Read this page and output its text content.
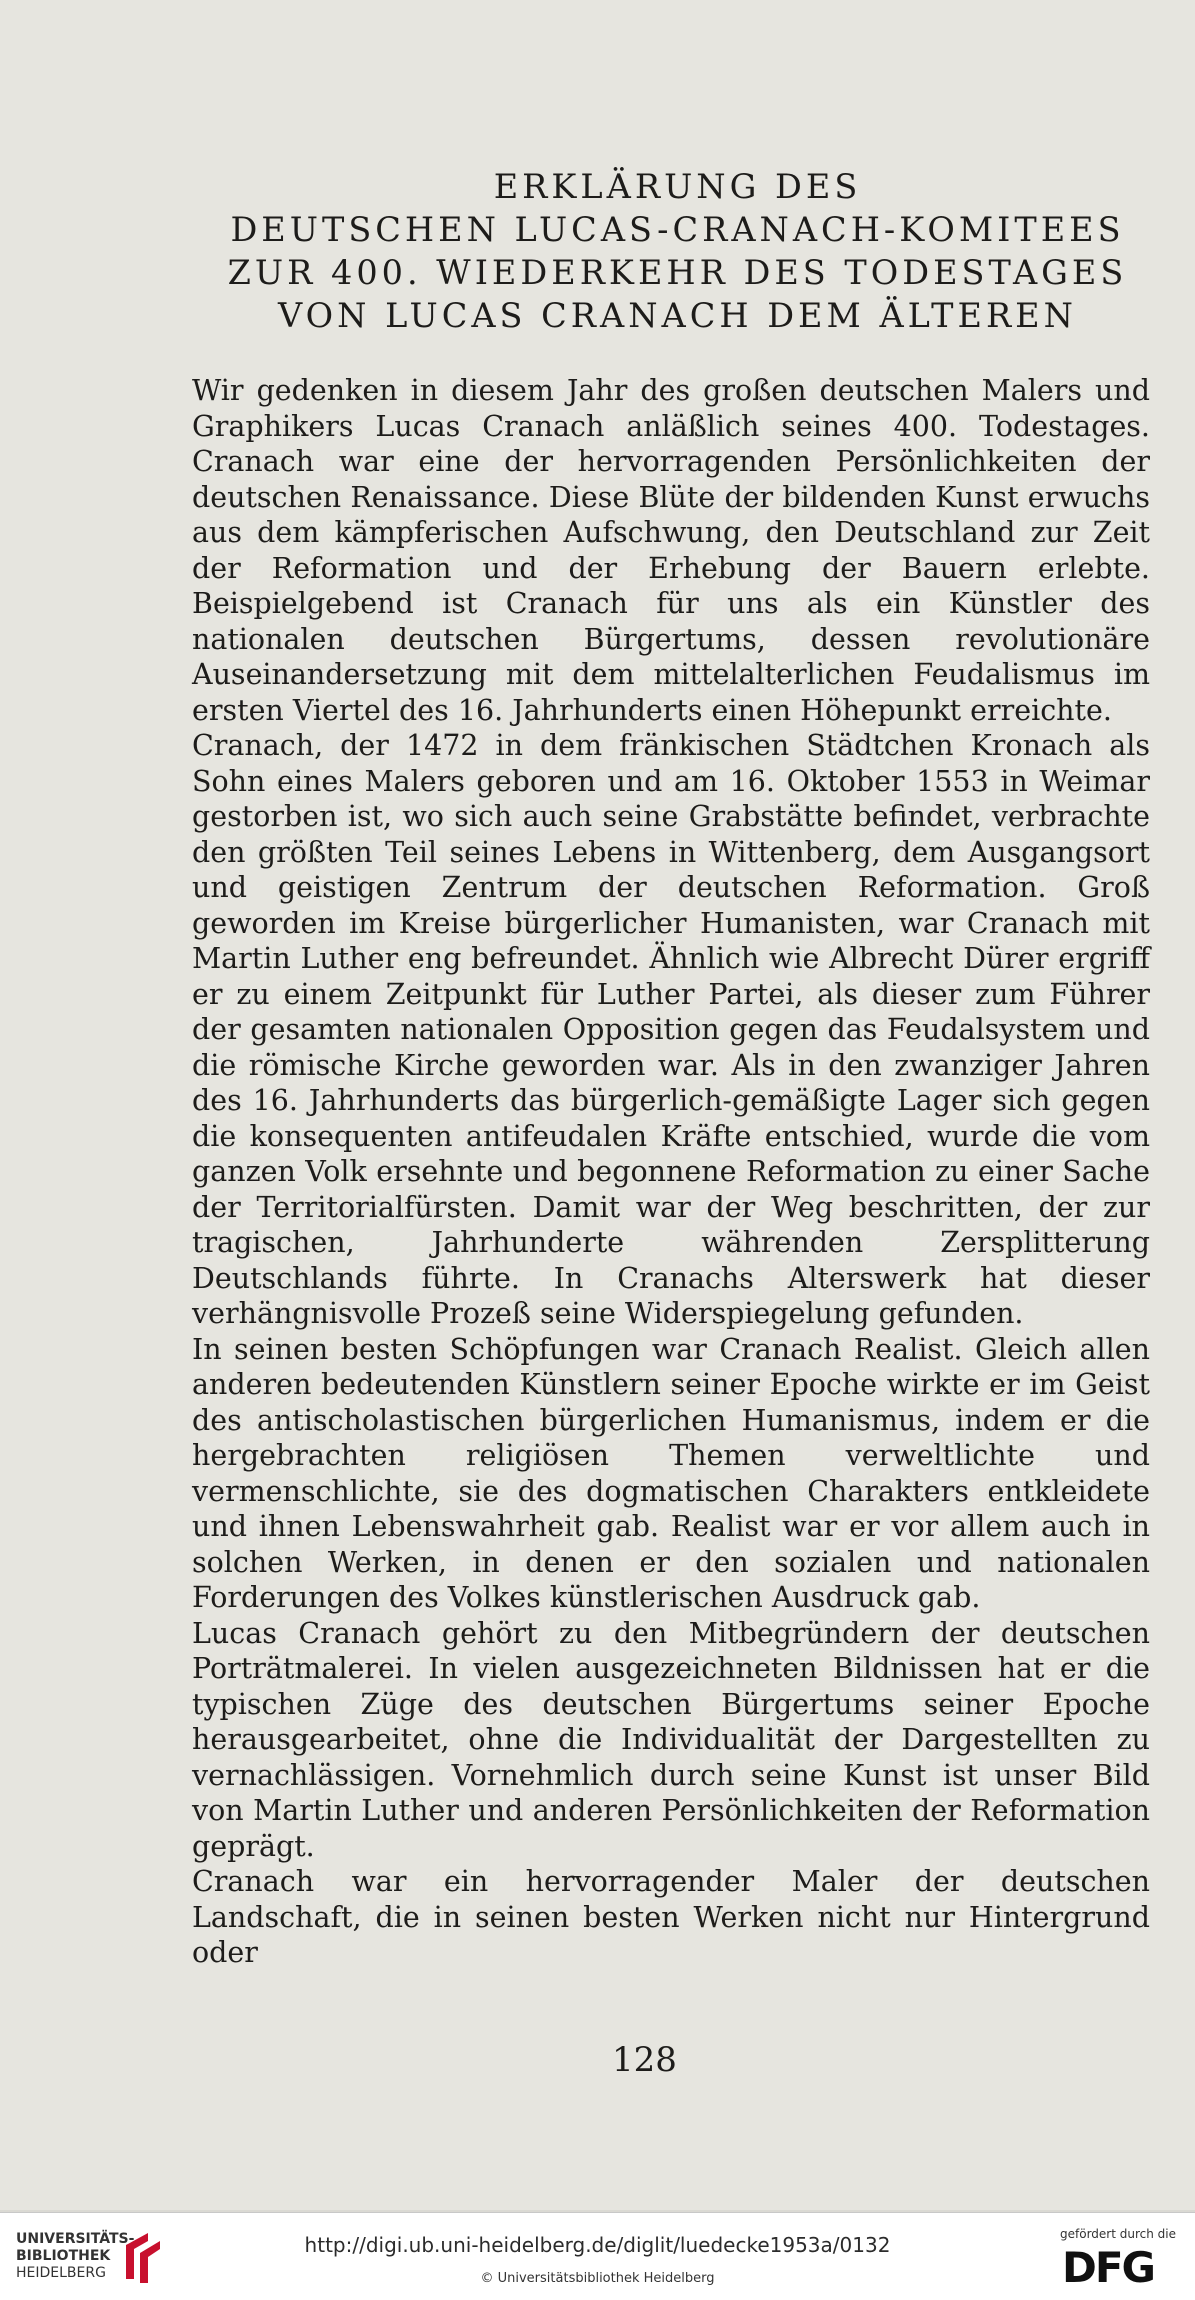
ERKLÄRUNG DES
DEUTSCHEN LUCAS-CRANACH-KOMITEES
ZUR 400. WIEDERKEHR DES TODESTAGES
VON LUCAS CRANACH DEM ÄLTEREN

Wir gedenken in diesem Jahr des großen deutschen Malers und Graphikers Lucas Cranach anläßlich seines 400. Todestages. Cranach war eine der hervorragenden Persönlichkeiten der deutschen Renaissance. Diese Blüte der bildenden Kunst erwuchs aus dem kämpferischen Aufschwung, den Deutschland zur Zeit der Reformation und der Erhebung der Bauern erlebte. Beispielgebend ist Cranach für uns als ein Künstler des nationalen deutschen Bürgertums, dessen revolutionäre Auseinandersetzung mit dem mittelalterlichen Feudalismus im ersten Viertel des 16. Jahrhunderts einen Höhepunkt erreichte.

Cranach, der 1472 in dem fränkischen Städtchen Kronach als Sohn eines Malers geboren und am 16. Oktober 1553 in Weimar gestorben ist, wo sich auch seine Grabstätte befindet, verbrachte den größten Teil seines Lebens in Wittenberg, dem Ausgangsort und geistigen Zentrum der deutschen Reformation. Groß geworden im Kreise bürgerlicher Humanisten, war Cranach mit Martin Luther eng befreundet. Ähnlich wie Albrecht Dürer ergriff er zu einem Zeitpunkt für Luther Partei, als dieser zum Führer der gesamten nationalen Opposition gegen das Feudalsystem und die römische Kirche geworden war. Als in den zwanziger Jahren des 16. Jahrhunderts das bürgerlich-gemäßigte Lager sich gegen die konsequenten antifeudalen Kräfte entschied, wurde die vom ganzen Volk ersehnte und begonnene Reformation zu einer Sache der Territorialfürsten. Damit war der Weg beschritten, der zur tragischen, Jahrhunderte währenden Zersplitterung Deutschlands führte. In Cranachs Alterswerk hat dieser verhängnisvolle Prozeß seine Widerspiegelung gefunden.

In seinen besten Schöpfungen war Cranach Realist. Gleich allen anderen bedeutenden Künstlern seiner Epoche wirkte er im Geist des antischolastischen bürgerlichen Humanismus, indem er die hergebrachten religiösen Themen verweltlichte und vermenschlichte, sie des dogmatischen Charakters entkleidete und ihnen Lebenswahrheit gab. Realist war er vor allem auch in solchen Werken, in denen er den sozialen und nationalen Forderungen des Volkes künstlerischen Ausdruck gab.

Lucas Cranach gehört zu den Mitbegründern der deutschen Porträtmalerei. In vielen ausgezeichneten Bildnissen hat er die typischen Züge des deutschen Bürgertums seiner Epoche herausgearbeitet, ohne die Individualität der Dargestellten zu vernachlässigen. Vornehmlich durch seine Kunst ist unser Bild von Martin Luther und anderen Persönlichkeiten der Reformation geprägt.

Cranach war ein hervorragender Maler der deutschen Landschaft, die in seinen besten Werken nicht nur Hintergrund oder

128
UNIVERSITÄTS-
BIBLIOTHEK
HEIDELBERG
http://digi.ub.uni-heidelberg.de/diglit/luedecke1953a/0132
© Universitätsbibliothek Heidelberg
gefördert durch die
DFG
